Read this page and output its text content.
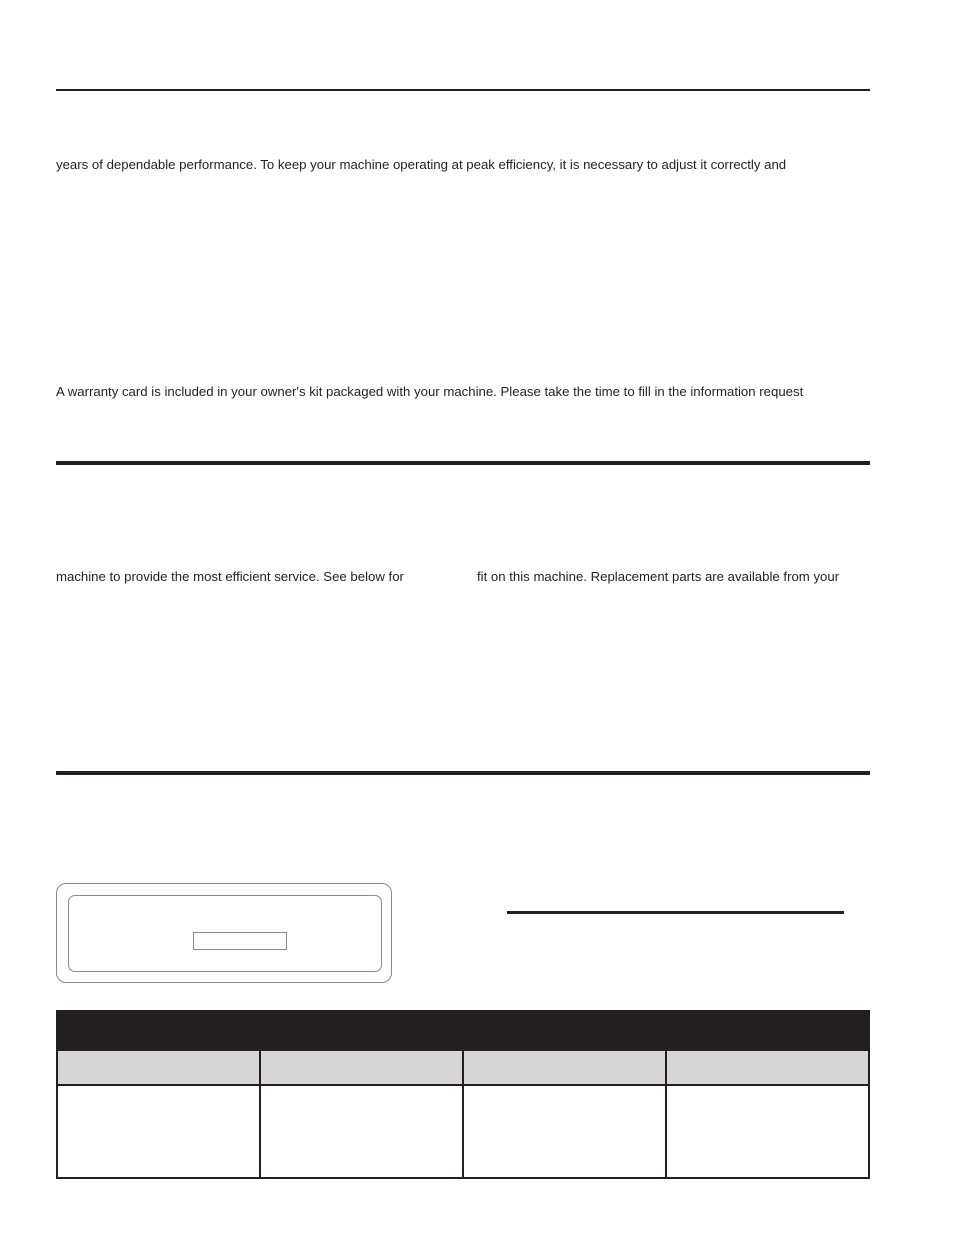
years of dependable performance. To keep your machine operating at peak efficiency, it is necessary to adjust it correctly and
A warranty card is included in your owner's kit packaged with your machine. Please take the time to fill in the information request
machine to provide the most efficient service. See below for	fit on this machine. Replacement parts are available from your
